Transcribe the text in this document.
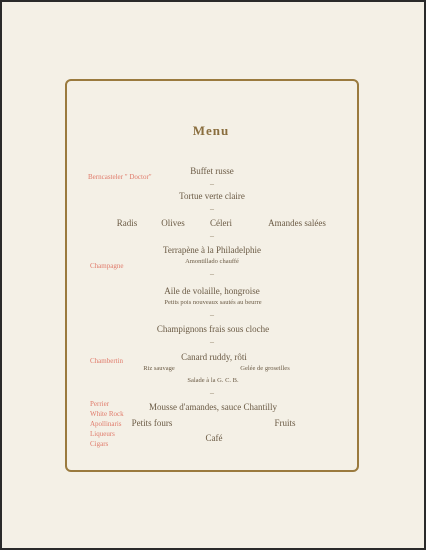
Menu
Berncasteler " Doctor"
Champagne
Chambertin
Perrier
White Rock
Apollinaris
Liqueurs
Cigars
Buffet russe
–
Tortue verte claire
–
Radis	Olives	Céleri	Amandes salées
–
Terrapène à la Philadelphie
Amontillado chauffé
–
Aile de volaille, hongroise
Petits pois nouveaux sautés au beurre
–
Champignons frais sous cloche
–
Canard ruddy, rôti
Riz sauvage	Gelée de groseilles
Salade à la G. C. B.
–
Mousse d'amandes, sauce Chantilly
Petits fours	Fruits
Café
